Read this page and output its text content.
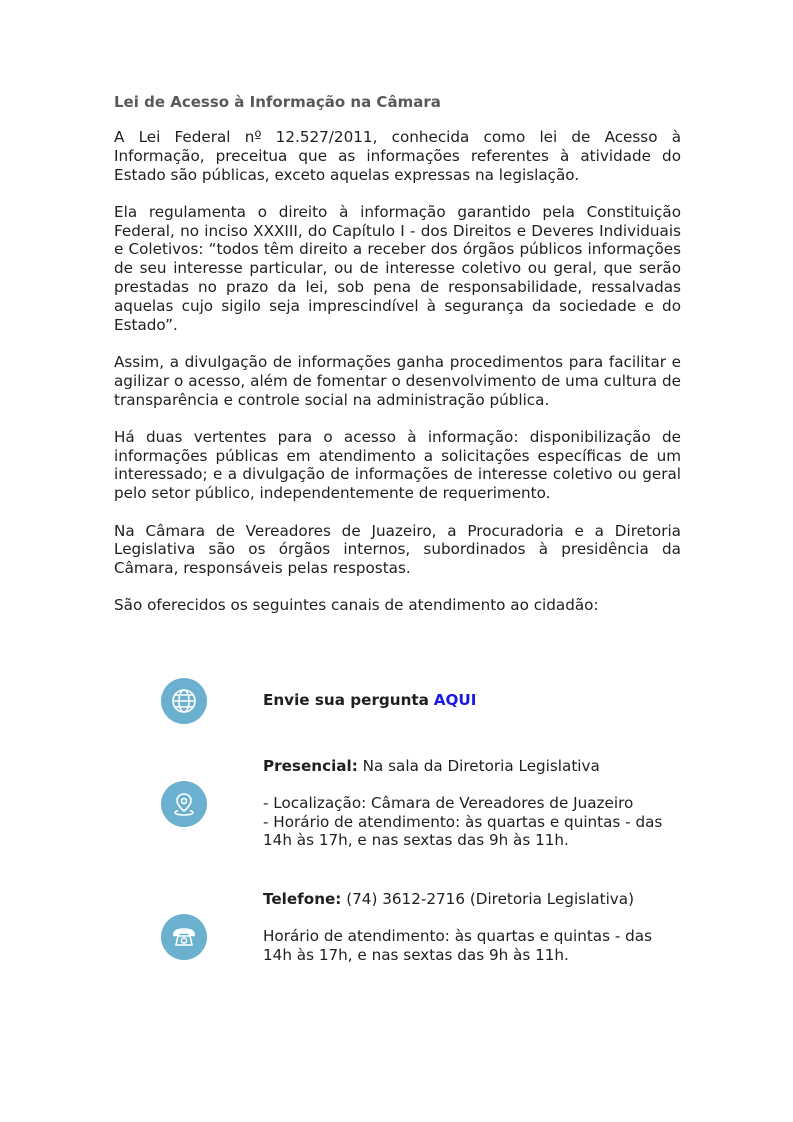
Lei de Acesso à Informação na Câmara

A Lei Federal nº 12.527/2011, conhecida como lei de Acesso à Informação, preceitua que as informações referentes à atividade do Estado são públicas, exceto aquelas expressas na legislação.

Ela regulamenta o direito à informação garantido pela Constituição Federal, no inciso XXXIII, do Capítulo I - dos Direitos e Deveres Individuais e Coletivos: “todos têm direito a receber dos órgãos públicos informações de seu interesse particular, ou de interesse coletivo ou geral, que serão prestadas no prazo da lei, sob pena de responsabilidade, ressalvadas aquelas cujo sigilo seja imprescindível à segurança da sociedade e do Estado”.

Assim, a divulgação de informações ganha procedimentos para facilitar e agilizar o acesso, além de fomentar o desenvolvimento de uma cultura de transparência e controle social na administração pública.

Há duas vertentes para o acesso à informação: disponibilização de informações públicas em atendimento a solicitações específicas de um interessado; e a divulgação de informações de interesse coletivo ou geral pelo setor público, independentemente de requerimento.

Na Câmara de Vereadores de Juazeiro, a Procuradoria e a Diretoria Legislativa são os órgãos internos, subordinados à presidência da Câmara, responsáveis pelas respostas.

São oferecidos os seguintes canais de atendimento ao cidadão:

Envie sua pergunta AQUI
Presencial: Na sala da Diretoria Legislativa
- Localização: Câmara de Vereadores de Juazeiro
- Horário de atendimento: às quartas e quintas - das 14h às 17h, e nas sextas das 9h às 11h.
Telefone: (74) 3612-2716 (Diretoria Legislativa)
Horário de atendimento: às quartas e quintas - das 14h às 17h, e nas sextas das 9h às 11h.
